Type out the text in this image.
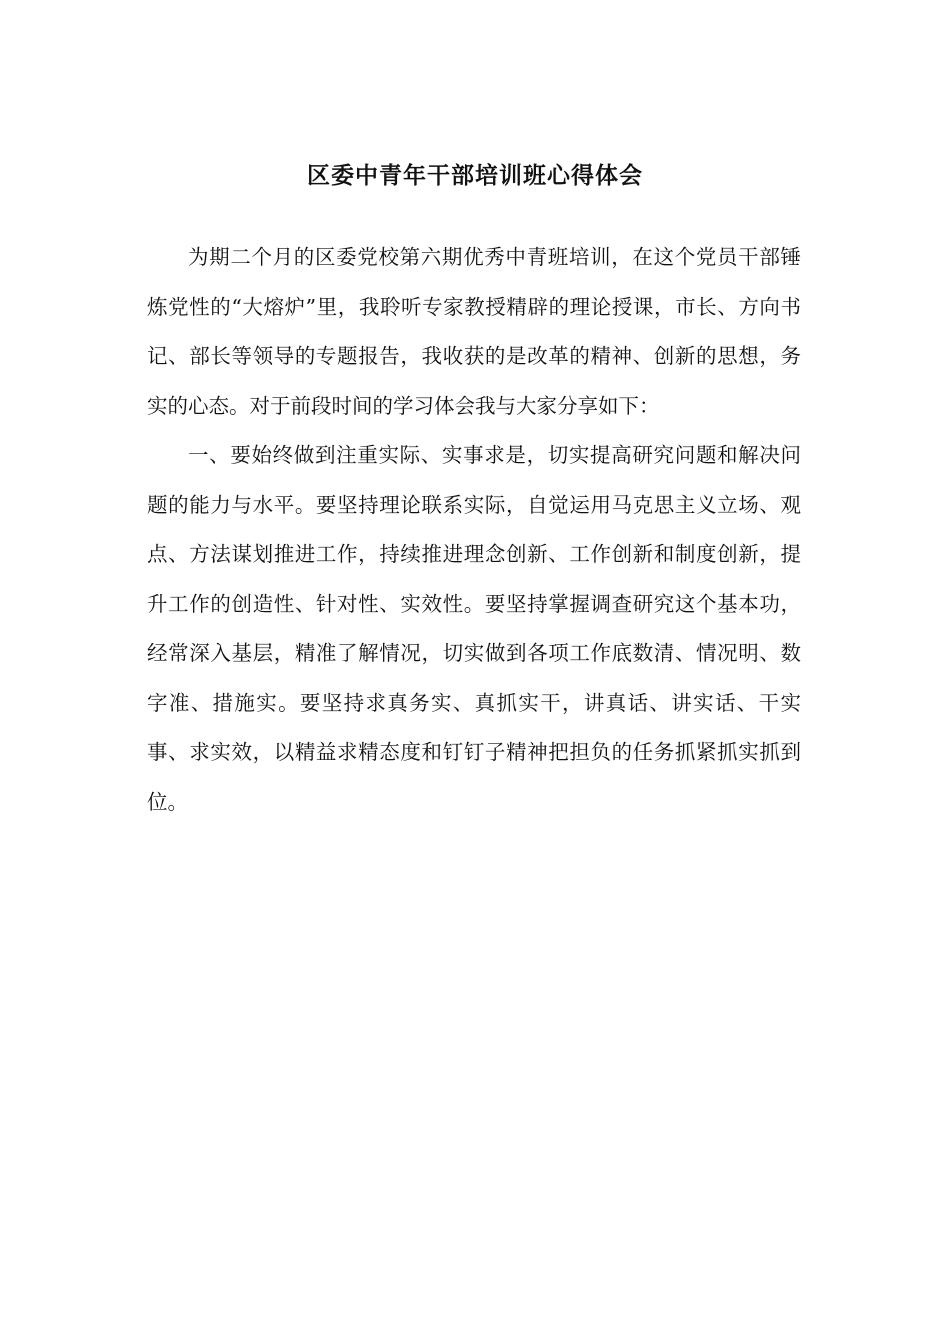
区委中青年干部培训班心得体会

为期二个月的区委党校第六期优秀中青班培训，在这个党员干部锤炼党性的“大熔炉”里，我聆听专家教授精辟的理论授课，市长、方向书记、部长等领导的专题报告，我收获的是改革的精神、创新的思想，务实的心态。对于前段时间的学习体会我与大家分享如下：

一、要始终做到注重实际、实事求是，切实提高研究问题和解决问题的能力与水平。要坚持理论联系实际，自觉运用马克思主义立场、观点、方法谋划推进工作，持续推进理念创新、工作创新和制度创新，提升工作的创造性、针对性、实效性。要坚持掌握调查研究这个基本功，经常深入基层，精准了解情况，切实做到各项工作底数清、情况明、数字准、措施实。要坚持求真务实、真抓实干，讲真话、讲实话、干实事、求实效，以精益求精态度和钉钉子精神把担负的任务抓紧抓实抓到位。
